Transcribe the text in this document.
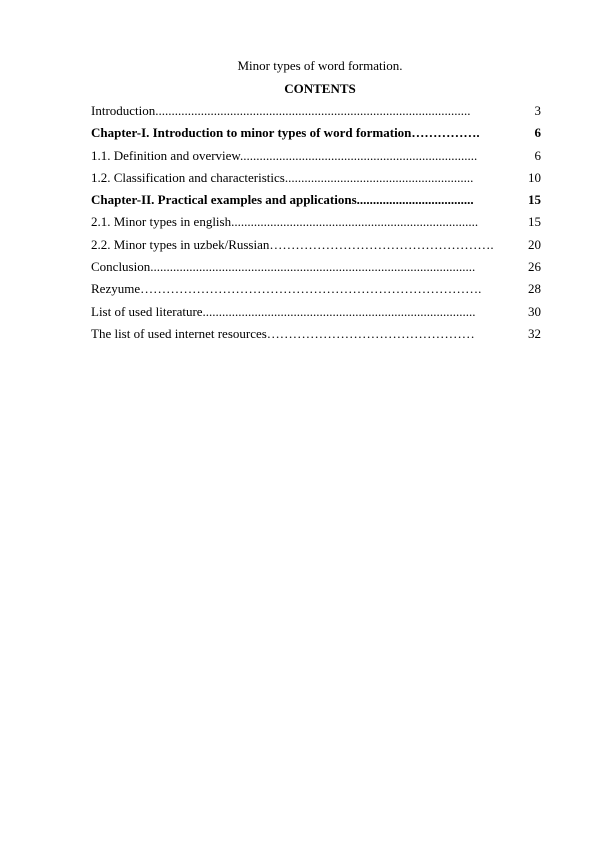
Minor types of word formation.
CONTENTS
Introduction.................................................................................................	3
Chapter-I. Introduction to minor types of word formation…………….	6
1.1. Definition and overview.........................................................................	6
1.2. Classification and characteristics..........................................................	10
Chapter-II. Practical examples and applications....................................	15
2.1. Minor types in english............................................................................	15
2.2. Minor types in uzbek/Russian…………………………………………….	20
Conclusion....................................................................................................	26
Rezyume…………………………………………………………………….	28
List of used literature....................................................................................	30
The list of used internet resources…………………………………………	32
